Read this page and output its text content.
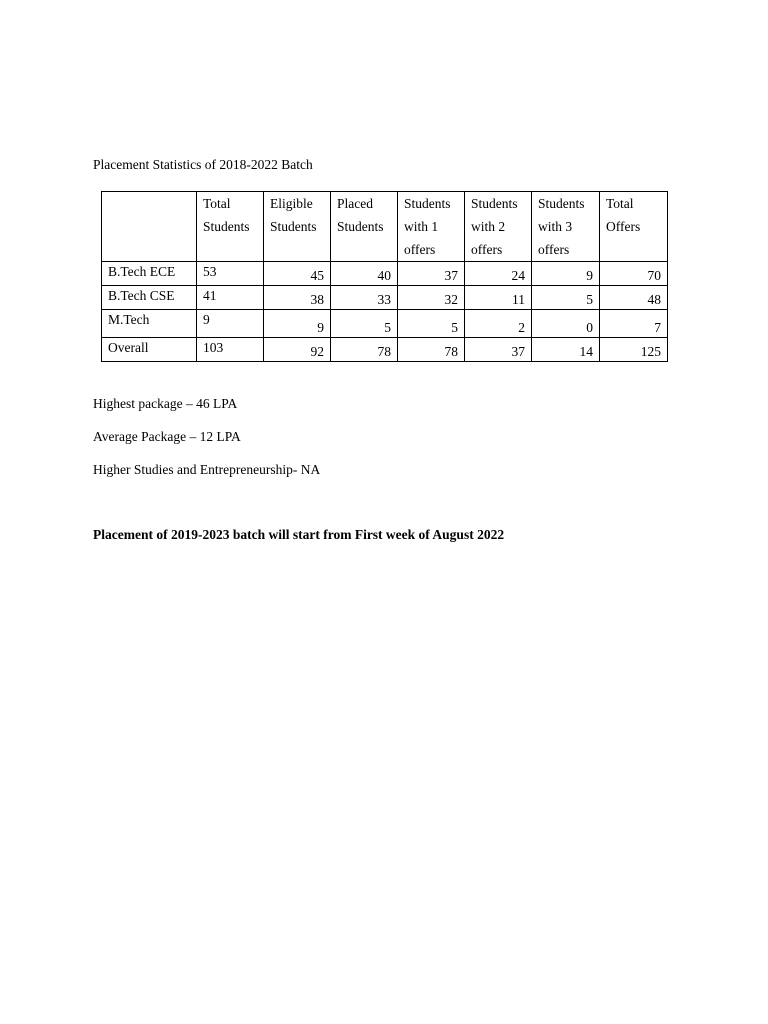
Placement Statistics of 2018-2022 Batch

	Total Students	Eligible Students	Placed Students	Students with 1 offers	Students with 2 offers	Students with 3 offers	Total Offers
B.Tech ECE	53	45	40	37	24	9	70
B.Tech CSE	41	38	33	32	11	5	48
M.Tech	9	9	5	5	2	0	7
Overall	103	92	78	78	37	14	125

Highest package – 46 LPA

Average Package – 12 LPA

Higher Studies and Entrepreneurship- NA

Placement of 2019-2023 batch will start from First week of August 2022
